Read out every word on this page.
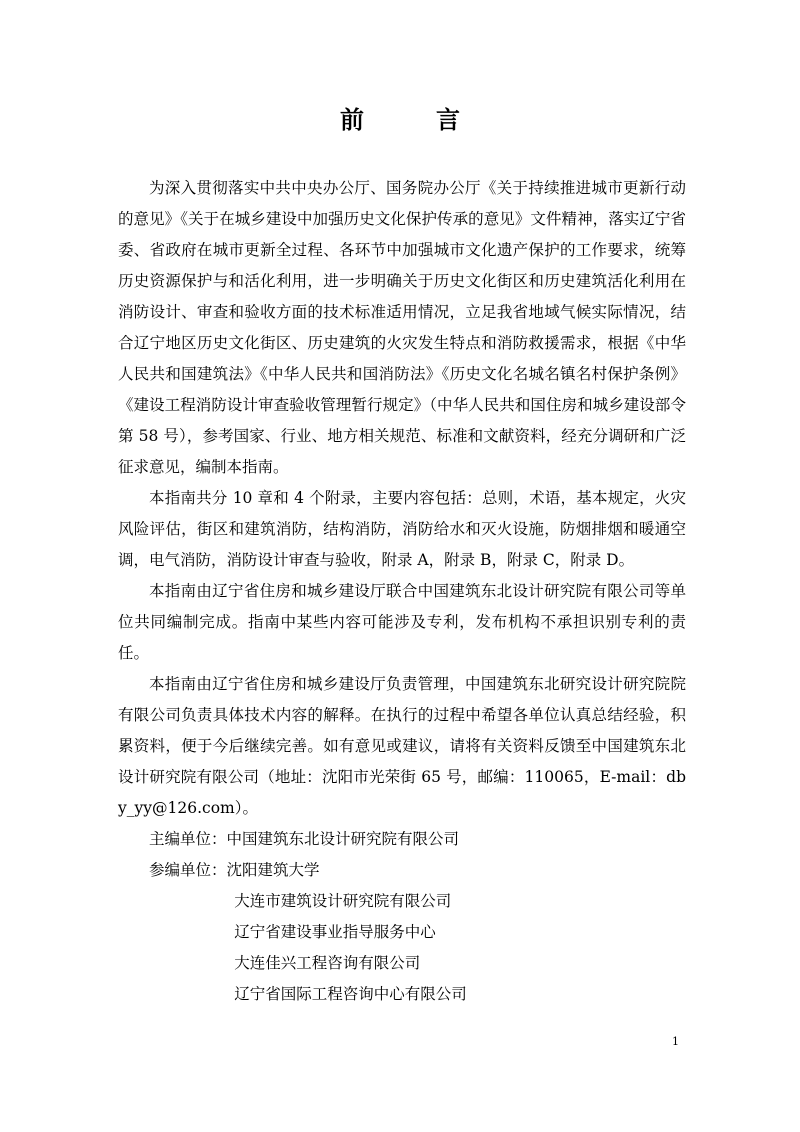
前　言

为深入贯彻落实中共中央办公厅、国务院办公厅《关于持续推进城市更新行动的意见》《关于在城乡建设中加强历史文化保护传承的意见》文件精神，落实辽宁省委、省政府在城市更新全过程、各环节中加强城市文化遗产保护的工作要求，统筹历史资源保护与和活化利用，进一步明确关于历史文化街区和历史建筑活化利用在消防设计、审查和验收方面的技术标准适用情况，立足我省地域气候实际情况，结合辽宁地区历史文化街区、历史建筑的火灾发生特点和消防救援需求，根据《中华人民共和国建筑法》《中华人民共和国消防法》《历史文化名城名镇名村保护条例》《建设工程消防设计审查验收管理暂行规定》（中华人民共和国住房和城乡建设部令第 58 号），参考国家、行业、地方相关规范、标准和文献资料，经充分调研和广泛征求意见，编制本指南。

本指南共分 10 章和 4 个附录，主要内容包括：总则，术语，基本规定，火灾风险评估，街区和建筑消防，结构消防，消防给水和灭火设施，防烟排烟和暖通空调，电气消防，消防设计审查与验收，附录 A，附录 B，附录 C，附录 D。

本指南由辽宁省住房和城乡建设厅联合中国建筑东北设计研究院有限公司等单位共同编制完成。指南中某些内容可能涉及专利，发布机构不承担识别专利的责任。

本指南由辽宁省住房和城乡建设厅负责管理，中国建筑东北研究设计研究院院有限公司负责具体技术内容的解释。在执行的过程中希望各单位认真总结经验，积累资料，便于今后继续完善。如有意见或建议，请将有关资料反馈至中国建筑东北设计研究院有限公司（地址：沈阳市光荣街 65 号，邮编：110065，E-mail：dby_yy@126.com）。

主编单位：中国建筑东北设计研究院有限公司

参编单位：沈阳建筑大学

大连市建筑设计研究院有限公司

辽宁省建设事业指导服务中心

大连佳兴工程咨询有限公司

辽宁省国际工程咨询中心有限公司

1
